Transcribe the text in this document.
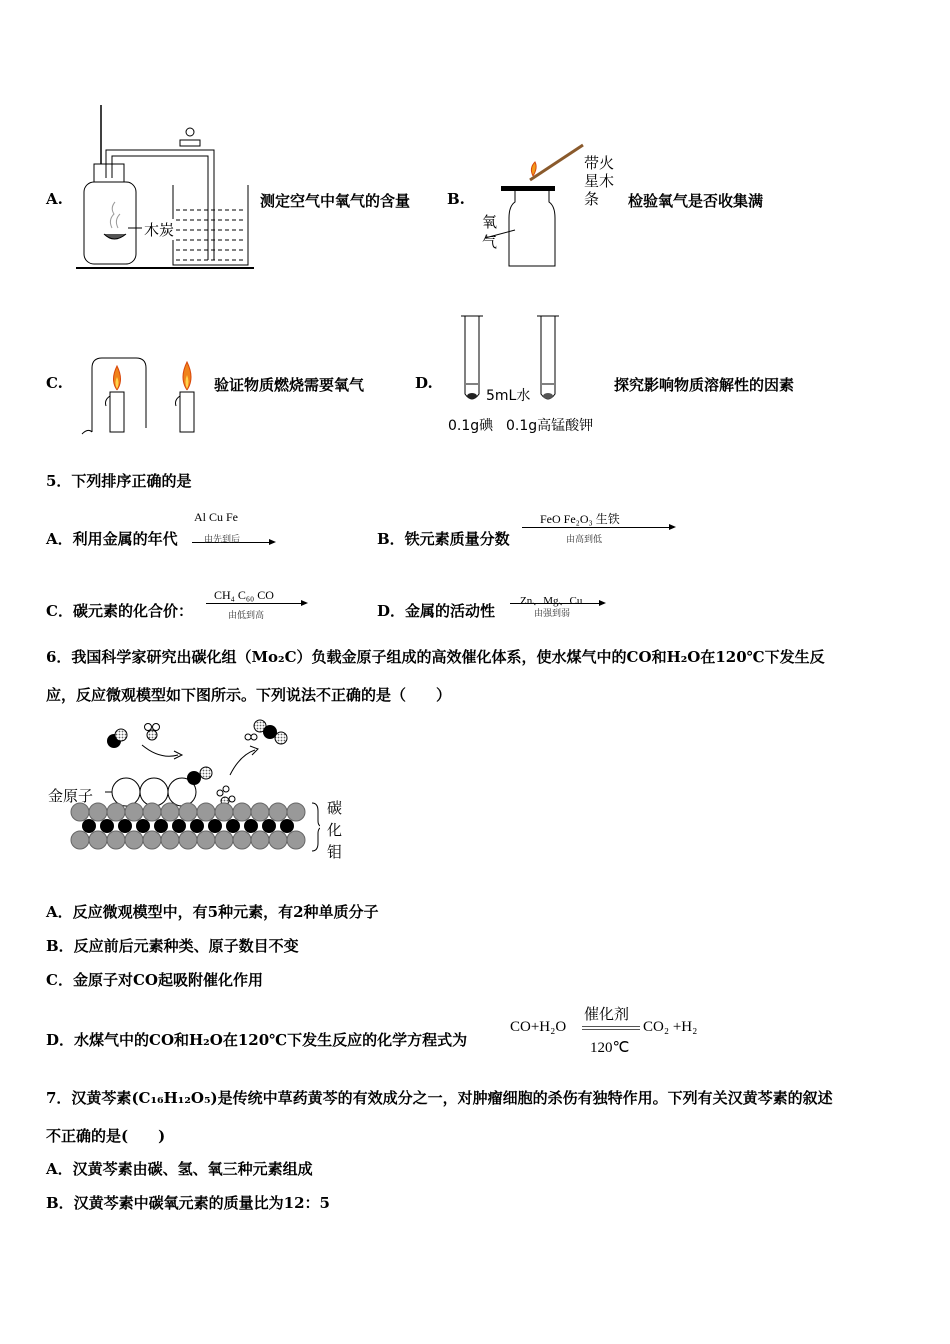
A.
木炭
测定空气中氧气的含量 B.
带火
星木
条
氧
气
检验氧气是否收集满
C.	验证物质燃烧需要氧气	D.
5mL水
0.1g碘 0.1g高锰酸钾
探究影响物质溶解性的因素
5．下列排序正确的是
A．利用金属的年代
Al Cu Fe
由先到后	B．铁元素质量分数
FeO Fe₂O₃ 生铁
由高到低
C．碳元素的化合价：
CH₄ C₆₀ CO
由低到高	D．金属的活动性
Zn、Mg、Cu
由强到弱
6．我国科学家研究出碳化组（Mo₂C）负载金原子组成的高效催化体系，使水煤气中的CO和H₂O在120℃下发生反
应，反应微观模型如下图所示。下列说法不正确的是（　　）
金原子
碳
化
钼
A．反应微观模型中，有5种元素，有2种单质分子
B．反应前后元素种类、原子数目不变
C．金原子对CO起吸附催化作用
D．水煤气中的CO和H₂O在120℃下发生反应的化学方程式为
CO+H₂O
催化剂
120℃
CO₂ +H₂
7．汉黄芩素(C₁₆H₁₂O₅)是传统中草药黄芩的有效成分之一，对肿瘤细胞的杀伤有独特作用。下列有关汉黄芩素的叙述
不正确的是(　　)
A．汉黄芩素由碳、氢、氧三种元素组成
B．汉黄芩素中碳氧元素的质量比为12：5
